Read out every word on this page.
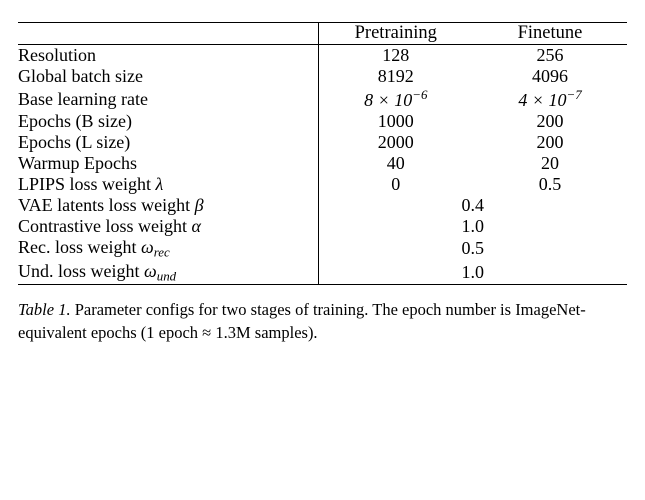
	Pretraining	Finetune

Resolution	128	256
Global batch size	8192	4096
Base learning rate	$8 \times 10^{-6}$	$4 \times 10^{-7}$
Epochs (B size)	1000	200
Epochs (L size)	2000	200
Warmup Epochs	40	20
LPIPS loss weight λ	0	0.5
VAE latents loss weight β	0.4	
Contrastive loss weight α	1.0	
Rec. loss weight $\omega_{rec}$	0.5	
Und. loss weight $\omega_{und}$	1.0	

Table 1. Parameter configs for two stages of training. The epoch number is ImageNet-equivalent epochs (1 epoch ≈ 1.3M samples).
